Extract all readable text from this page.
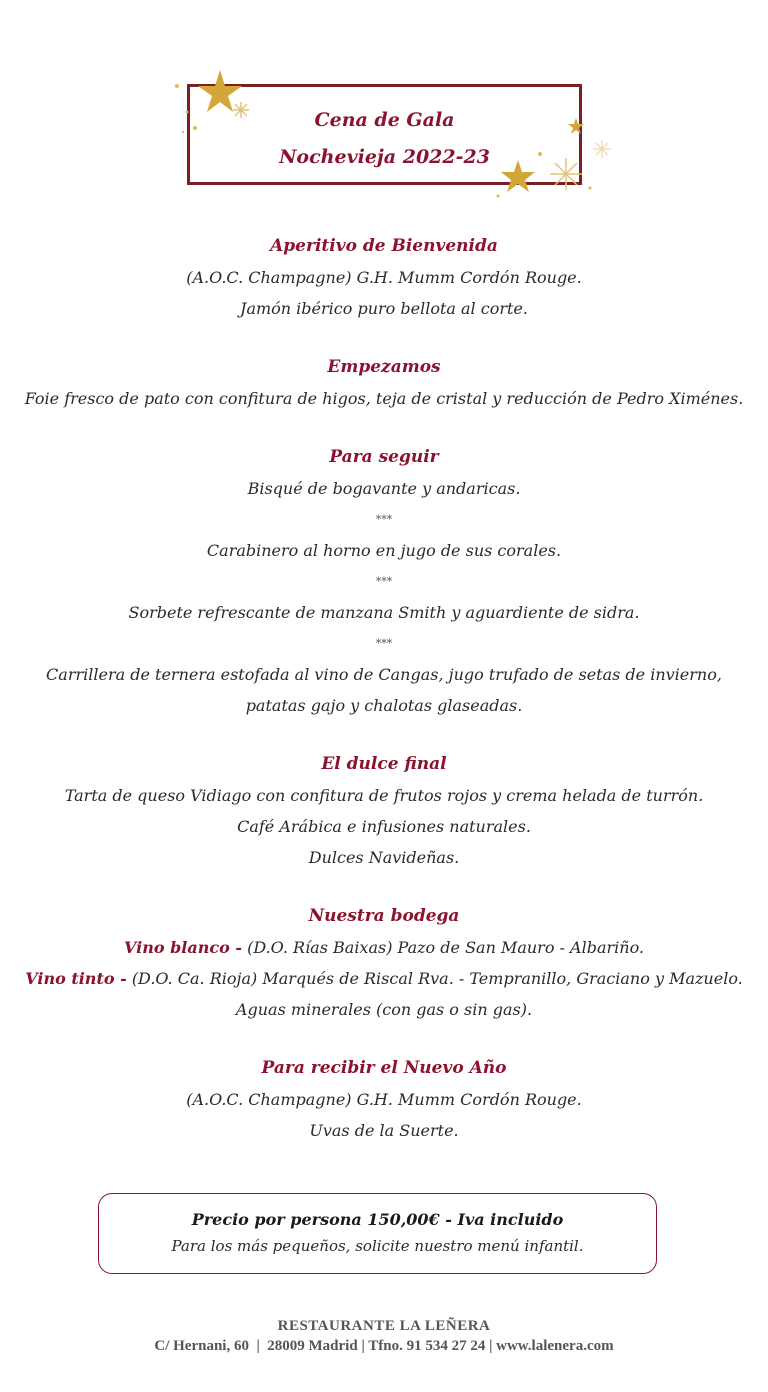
Cena de Gala
Nochevieja 2022-23
Aperitivo de Bienvenida
(A.O.C. Champagne) G.H. Mumm Cordón Rouge.
Jamón ibérico puro bellota al corte.
Empezamos
Foie fresco de pato con confitura de higos, teja de cristal y reducción de Pedro Ximénes.
Para seguir
Bisqué de bogavante y andaricas.
***
Carabinero al horno en jugo de sus corales.
***
Sorbete refrescante de manzana Smith y aguardiente de sidra.
***
Carrillera de ternera estofada al vino de Cangas, jugo trufado de setas de invierno,
patatas gajo y chalotas glaseadas.
El dulce final
Tarta de queso Vidiago con confitura de frutos rojos y crema helada de turrón.
Café Arábica e infusiones naturales.
Dulces Navideñas.
Nuestra bodega
Vino blanco - (D.O. Rías Baixas) Pazo de San Mauro - Albariño.
Vino tinto - (D.O. Ca. Rioja) Marqués de Riscal Rva. - Tempranillo, Graciano y Mazuelo.
Aguas minerales (con gas o sin gas).
Para recibir el Nuevo Año
(A.O.C. Champagne) G.H. Mumm Cordón Rouge.
Uvas de la Suerte.
Precio por persona 150,00€ - Iva incluido
Para los más pequeños, solicite nuestro menú infantil.
RESTAURANTE LA LEÑERA
C/ Hernani, 60  |  28009 Madrid | Tfno. 91 534 27 24 | www.lalenera.com
